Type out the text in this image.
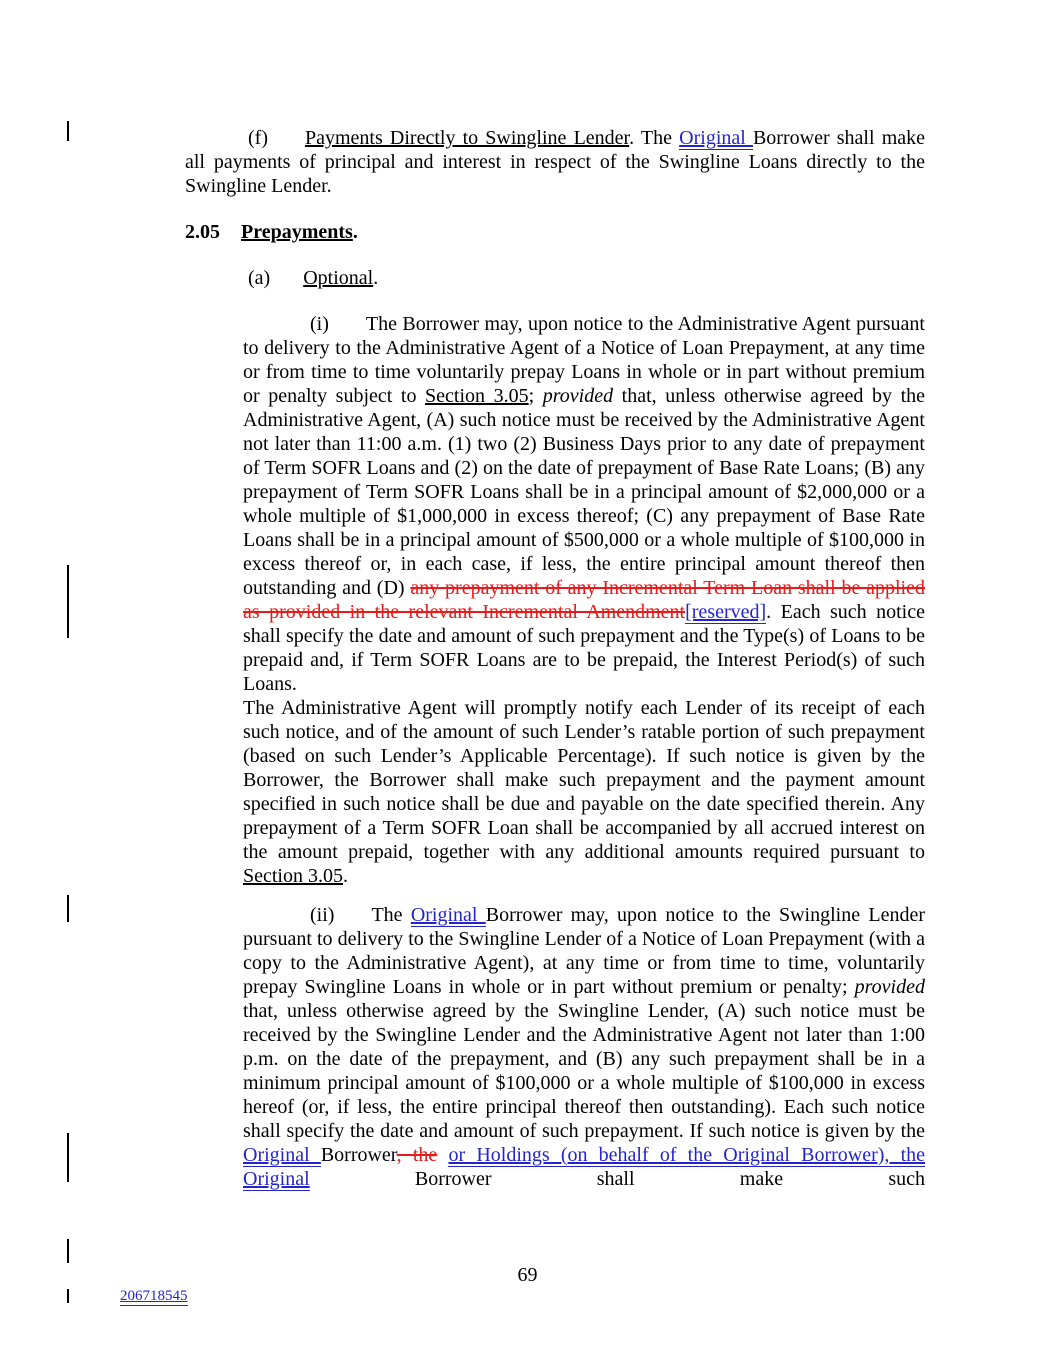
(f) Payments Directly to Swingline Lender. The Original Borrower shall make all payments of principal and interest in respect of the Swingline Loans directly to the Swingline Lender.

2.05 Prepayments.

(a) Optional.

(i) The Borrower may, upon notice to the Administrative Agent pursuant to delivery to the Administrative Agent of a Notice of Loan Prepayment, at any time or from time to time voluntarily prepay Loans in whole or in part without premium or penalty subject to Section 3.05; provided that, unless otherwise agreed by the Administrative Agent, (A) such notice must be received by the Administrative Agent not later than 11:00 a.m. (1) two (2) Business Days prior to any date of prepayment of Term SOFR Loans and (2) on the date of prepayment of Base Rate Loans; (B) any prepayment of Term SOFR Loans shall be in a principal amount of $2,000,000 or a whole multiple of $1,000,000 in excess thereof; (C) any prepayment of Base Rate Loans shall be in a principal amount of $500,000 or a whole multiple of $100,000 in excess thereof or, in each case, if less, the entire principal amount thereof then outstanding and (D) any prepayment of any Incremental Term Loan shall be applied as provided in the relevant Incremental Amendment[reserved]. Each such notice shall specify the date and amount of such prepayment and the Type(s) of Loans to be prepaid and, if Term SOFR Loans are to be prepaid, the Interest Period(s) of such Loans.
The Administrative Agent will promptly notify each Lender of its receipt of each such notice, and of the amount of such Lender’s ratable portion of such prepayment (based on such Lender’s Applicable Percentage). If such notice is given by the Borrower, the Borrower shall make such prepayment and the payment amount specified in such notice shall be due and payable on the date specified therein. Any prepayment of a Term SOFR Loan shall be accompanied by all accrued interest on the amount prepaid, together with any additional amounts required pursuant to Section 3.05.

(ii) The Original Borrower may, upon notice to the Swingline Lender pursuant to delivery to the Swingline Lender of a Notice of Loan Prepayment (with a copy to the Administrative Agent), at any time or from time to time, voluntarily prepay Swingline Loans in whole or in part without premium or penalty; provided that, unless otherwise agreed by the Swingline Lender, (A) such notice must be received by the Swingline Lender and the Administrative Agent not later than 1:00 p.m. on the date of the prepayment, and (B) any such prepayment shall be in a minimum principal amount of $100,000 or a whole multiple of $100,000 in excess hereof (or, if less, the entire principal thereof then outstanding). Each such notice shall specify the date and amount of such prepayment. If such notice is given by the Original Borrower, the or Holdings (on behalf of the Original Borrower), the Original Borrower shall make such

69
206718545
